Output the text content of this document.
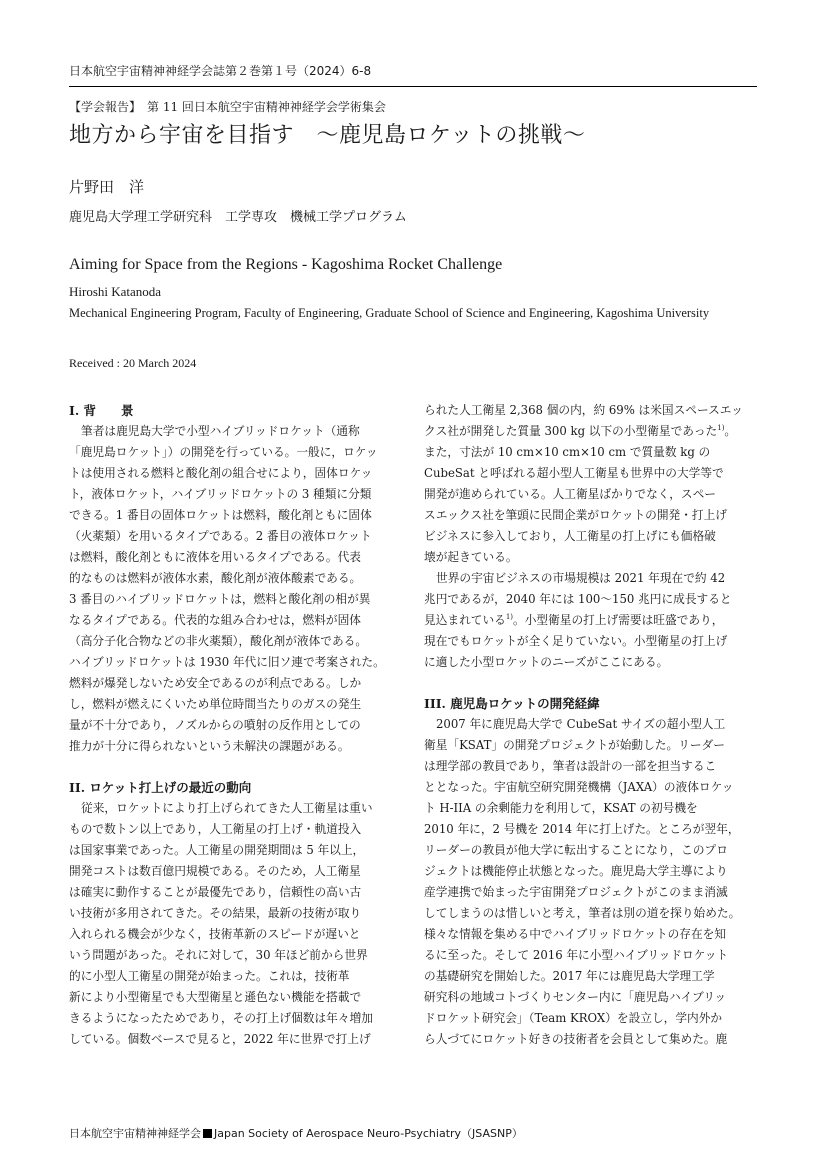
日本航空宇宙精神神経学会誌第２巻第１号（2024）6-8
【学会報告】　第 11 回日本航空宇宙精神神経学会学術集会
地方から宇宙を目指す　～鹿児島ロケットの挑戦～
片野田　洋
鹿児島大学理工学研究科　工学専攻　機械工学プログラム
Aiming for Space from the Regions - Kagoshima Rocket Challenge
Hiroshi Katanoda
Mechanical Engineering Program, Faculty of Engineering, Graduate School of Science and Engineering, Kagoshima University
Received : 20 March 2024
I. 背　　景
筆者は鹿児島大学で小型ハイブリッドロケット（通称
「鹿児島ロケット」）の開発を行っている。一般に，ロケッ
トは使用される燃料と酸化剤の組合せにより，固体ロケッ
ト，液体ロケット，ハイブリッドロケットの 3 種類に分類
できる。1 番目の固体ロケットは燃料，酸化剤ともに固体
（火薬類）を用いるタイプである。2 番目の液体ロケット
は燃料，酸化剤ともに液体を用いるタイプである。代表
的なものは燃料が液体水素，酸化剤が液体酸素である。
3 番目のハイブリッドロケットは，燃料と酸化剤の相が異
なるタイプである。代表的な組み合わせは，燃料が固体
（高分子化合物などの非火薬類），酸化剤が液体である。
ハイブリッドロケットは 1930 年代に旧ソ連で考案された。
燃料が爆発しないため安全であるのが利点である。しか
し，燃料が燃えにくいため単位時間当たりのガスの発生
量が不十分であり，ノズルからの噴射の反作用としての
推力が十分に得られないという未解決の課題がある。
II. ロケット打上げの最近の動向
従来，ロケットにより打上げられてきた人工衛星は重い
もので数トン以上であり，人工衛星の打上げ・軌道投入
は国家事業であった。人工衛星の開発期間は 5 年以上，
開発コストは数百億円規模である。そのため，人工衛星
は確実に動作することが最優先であり，信頼性の高い古
い技術が多用されてきた。その結果，最新の技術が取り
入れられる機会が少なく，技術革新のスピードが遅いと
いう問題があった。それに対して，30 年ほど前から世界
的に小型人工衛星の開発が始まった。これは，技術革
新により小型衛星でも大型衛星と遜色ない機能を搭載で
きるようになったためであり，その打上げ個数は年々増加
している。個数ベースで見ると，2022 年に世界で打上げ
られた人工衛星 2,368 個の内，約 69% は米国スペースエッ
クス社が開発した質量 300 kg 以下の小型衛星であった$^{1)}$。
また，寸法が 10 cm×10 cm×10 cm で質量数 kg の
CubeSat と呼ばれる超小型人工衛星も世界中の大学等で
開発が進められている。人工衛星ばかりでなく，スペー
スエックス社を筆頭に民間企業がロケットの開発・打上げ
ビジネスに参入しており，人工衛星の打上げにも価格破
壊が起きている。
世界の宇宙ビジネスの市場規模は 2021 年現在で約 42
兆円であるが，2040 年には 100～150 兆円に成長すると
見込まれている$^{1)}$。小型衛星の打上げ需要は旺盛であり，
現在でもロケットが全く足りていない。小型衛星の打上げ
に適した小型ロケットのニーズがここにある。
III. 鹿児島ロケットの開発経緯
2007 年に鹿児島大学で CubeSat サイズの超小型人工
衛星「KSAT」の開発プロジェクトが始動した。リーダー
は理学部の教員であり，筆者は設計の一部を担当するこ
ととなった。宇宙航空研究開発機構（JAXA）の液体ロケッ
ト H-IIA の余剰能力を利用して，KSAT の初号機を
2010 年に，2 号機を 2014 年に打上げた。ところが翌年，
リーダーの教員が他大学に転出することになり，このプロ
ジェクトは機能停止状態となった。鹿児島大学主導により
産学連携で始まった宇宙開発プロジェクトがこのまま消滅
してしまうのは惜しいと考え，筆者は別の道を探り始めた。
様々な情報を集める中でハイブリッドロケットの存在を知
るに至った。そして 2016 年に小型ハイブリッドロケット
の基礎研究を開始した。2017 年には鹿児島大学理工学
研究科の地域コトづくりセンター内に「鹿児島ハイブリッ
ドロケット研究会」（Team KROX）を設立し，学内外か
ら人づてにロケット好きの技術者を会員として集めた。鹿
日本航空宇宙精神神経学会 Japan Society of Aerospace Neuro-Psychiatry（JSASNP）
